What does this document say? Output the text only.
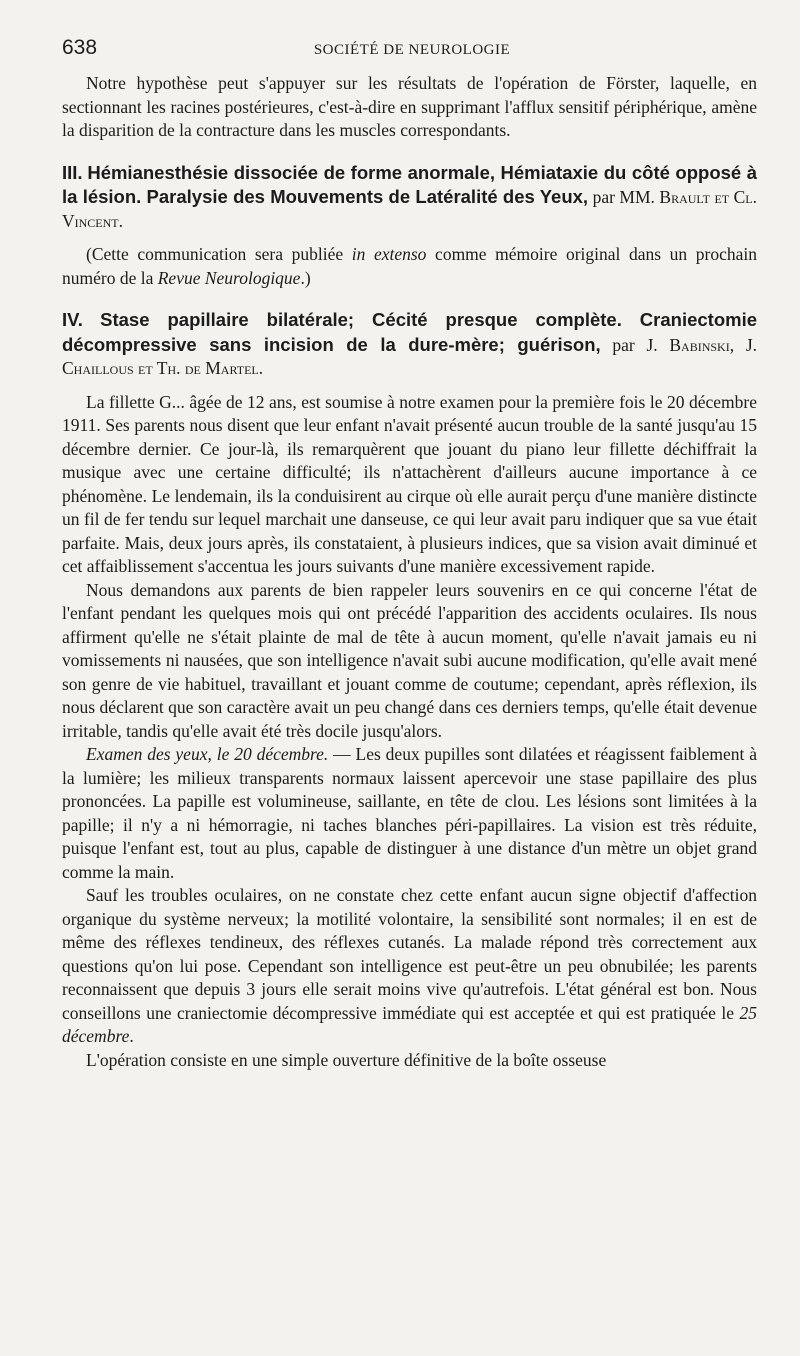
638	SOCIÉTÉ DE NEUROLOGIE

Notre hypothèse peut s'appuyer sur les résultats de l'opération de Förster, laquelle, en sectionnant les racines postérieures, c'est-à-dire en supprimant l'afflux sensitif périphérique, amène la disparition de la contracture dans les muscles correspondants.

III. Hémianesthésie dissociée de forme anormale, Hémiataxie du côté opposé à la lésion. Paralysie des Mouvements de Latéralité des Yeux, par MM. Brault et Cl. Vincent.

(Cette communication sera publiée in extenso comme mémoire original dans un prochain numéro de la Revue Neurologique.)

IV. Stase papillaire bilatérale; Cécité presque complète. Craniectomie décompressive sans incision de la dure-mère; guérison, par J. Babinski, J. Chaillous et Th. de Martel.

La fillette G... âgée de 12 ans, est soumise à notre examen pour la première fois le 20 décembre 1911. Ses parents nous disent que leur enfant n'avait présenté aucun trouble de la santé jusqu'au 15 décembre dernier. Ce jour-là, ils remarquèrent que jouant du piano leur fillette déchiffrait la musique avec une certaine difficulté; ils n'attachèrent d'ailleurs aucune importance à ce phénomène. Le lendemain, ils la conduisirent au cirque où elle aurait perçu d'une manière distincte un fil de fer tendu sur lequel marchait une danseuse, ce qui leur avait paru indiquer que sa vue était parfaite. Mais, deux jours après, ils constataient, à plusieurs indices, que sa vision avait diminué et cet affaiblissement s'accentua les jours suivants d'une manière excessivement rapide.

Nous demandons aux parents de bien rappeler leurs souvenirs en ce qui concerne l'état de l'enfant pendant les quelques mois qui ont précédé l'apparition des accidents oculaires. Ils nous affirment qu'elle ne s'était plainte de mal de tête à aucun moment, qu'elle n'avait jamais eu ni vomissements ni nausées, que son intelligence n'avait subi aucune modification, qu'elle avait mené son genre de vie habituel, travaillant et jouant comme de coutume; cependant, après réflexion, ils nous déclarent que son caractère avait un peu changé dans ces derniers temps, qu'elle était devenue irritable, tandis qu'elle avait été très docile jusqu'alors.

Examen des yeux, le 20 décembre. — Les deux pupilles sont dilatées et réagissent faiblement à la lumière; les milieux transparents normaux laissent apercevoir une stase papillaire des plus prononcées. La papille est volumineuse, saillante, en tête de clou. Les lésions sont limitées à la papille; il n'y a ni hémorragie, ni taches blanches péri-papillaires. La vision est très réduite, puisque l'enfant est, tout au plus, capable de distinguer à une distance d'un mètre un objet grand comme la main.

Sauf les troubles oculaires, on ne constate chez cette enfant aucun signe objectif d'affection organique du système nerveux; la motilité volontaire, la sensibilité sont normales; il en est de même des réflexes tendineux, des réflexes cutanés. La malade répond très correctement aux questions qu'on lui pose. Cependant son intelligence est peut-être un peu obnubilée; les parents reconnaissent que depuis 3 jours elle serait moins vive qu'autrefois. L'état général est bon. Nous conseillons une craniectomie décompressive immédiate qui est acceptée et qui est pratiquée le 25 décembre.

L'opération consiste en une simple ouverture définitive de la boîte osseuse
